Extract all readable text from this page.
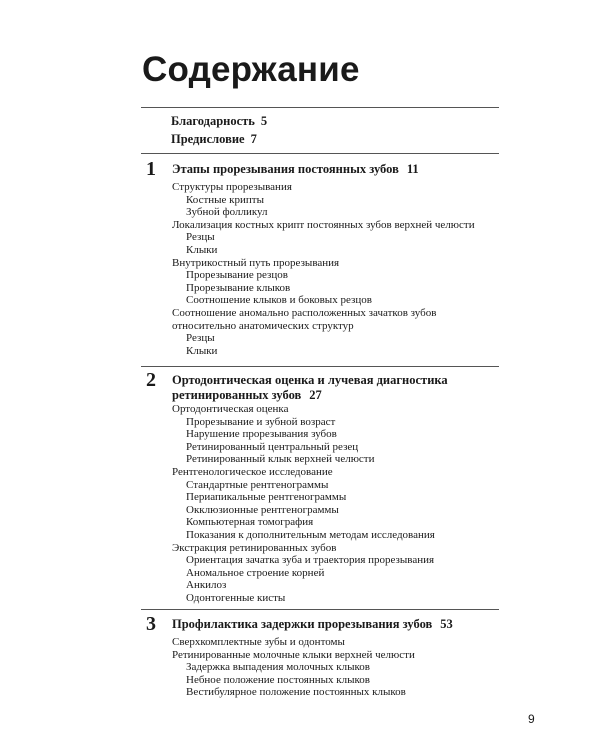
Содержание
Благодарность 5
Предисловие 7
1 Этапы прорезывания постоянных зубов 11
Структуры прорезывания
Костные крипты
Зубной фолликул
Локализация костных крипт постоянных зубов верхней челюсти
Резцы
Клыки
Внутрикостный путь прорезывания
Прорезывание резцов
Прорезывание клыков
Соотношение клыков и боковых резцов
Соотношение аномально расположенных зачатков зубов
относительно анатомических структур
Резцы
Клыки
2 Ортодонтическая оценка и лучевая диагностика
ретинированных зубов 27
Ортодонтическая оценка
Прорезывание и зубной возраст
Нарушение прорезывания зубов
Ретинированный центральный резец
Ретинированный клык верхней челюсти
Рентгенологическое исследование
Стандартные рентгенограммы
Периапикальные рентгенограммы
Окклюзионные рентгенограммы
Компьютерная томография
Показания к дополнительным методам исследования
Экстракция ретинированных зубов
Ориентация зачатка зуба и траектория прорезывания
Аномальное строение корней
Анкилоз
Одонтогенные кисты
3 Профилактика задержки прорезывания зубов 53
Сверхкомплектные зубы и одонтомы
Ретинированные молочные клыки верхней челюсти
Задержка выпадения молочных клыков
Небное положение постоянных клыков
Вестибулярное положение постоянных клыков
9
